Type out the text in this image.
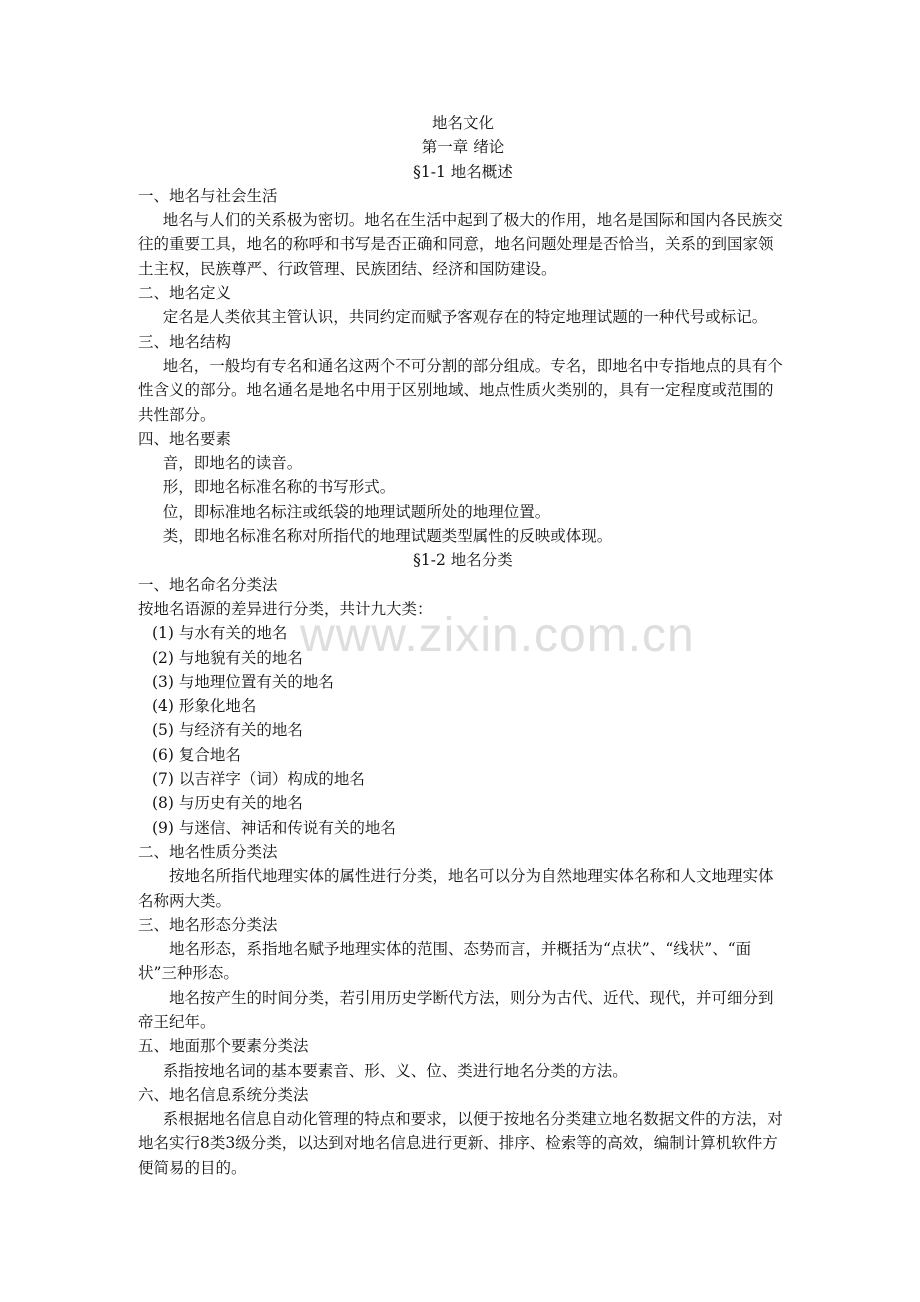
www.zixin.com.cn

地名文化

第一章 绪论

§1-1 地名概述

一、地名与社会生活

地名与人们的关系极为密切。地名在生活中起到了极大的作用，地名是国际和国内各民族交往的重要工具，地名的称呼和书写是否正确和同意，地名问题处理是否恰当，关系的到国家领土主权，民族尊严、行政管理、民族团结、经济和国防建设。

二、地名定义

定名是人类依其主管认识，共同约定而赋予客观存在的特定地理试题的一种代号或标记。

三、地名结构

地名，一般均有专名和通名这两个不可分割的部分组成。专名，即地名中专指地点的具有个性含义的部分。地名通名是地名中用于区别地域、地点性质火类别的，具有一定程度或范围的共性部分。

四、地名要素

音，即地名的读音。

形，即地名标准名称的书写形式。

位，即标准地名标注或纸袋的地理试题所处的地理位置。

类，即地名标准名称对所指代的地理试题类型属性的反映或体现。

§1-2 地名分类

一、地名命名分类法

按地名语源的差异进行分类，共计九大类：

(1) 与水有关的地名

(2) 与地貌有关的地名

(3) 与地理位置有关的地名

(4) 形象化地名

(5) 与经济有关的地名

(6) 复合地名

(7) 以吉祥字（词）构成的地名

(8) 与历史有关的地名

(9) 与迷信、神话和传说有关的地名

二、地名性质分类法

按地名所指代地理实体的属性进行分类，地名可以分为自然地理实体名称和人文地理实体名称两大类。

三、地名形态分类法

地名形态，系指地名赋予地理实体的范围、态势而言，并概括为“点状”、“线状”、“面状”三种形态。

地名按产生的时间分类，若引用历史学断代方法，则分为古代、近代、现代，并可细分到帝王纪年。

五、地面那个要素分类法

系指按地名词的基本要素音、形、义、位、类进行地名分类的方法。

六、地名信息系统分类法

系根据地名信息自动化管理的特点和要求，以便于按地名分类建立地名数据文件的方法，对地名实行8类3级分类，以达到对地名信息进行更新、排序、检索等的高效，编制计算机软件方便简易的目的。
